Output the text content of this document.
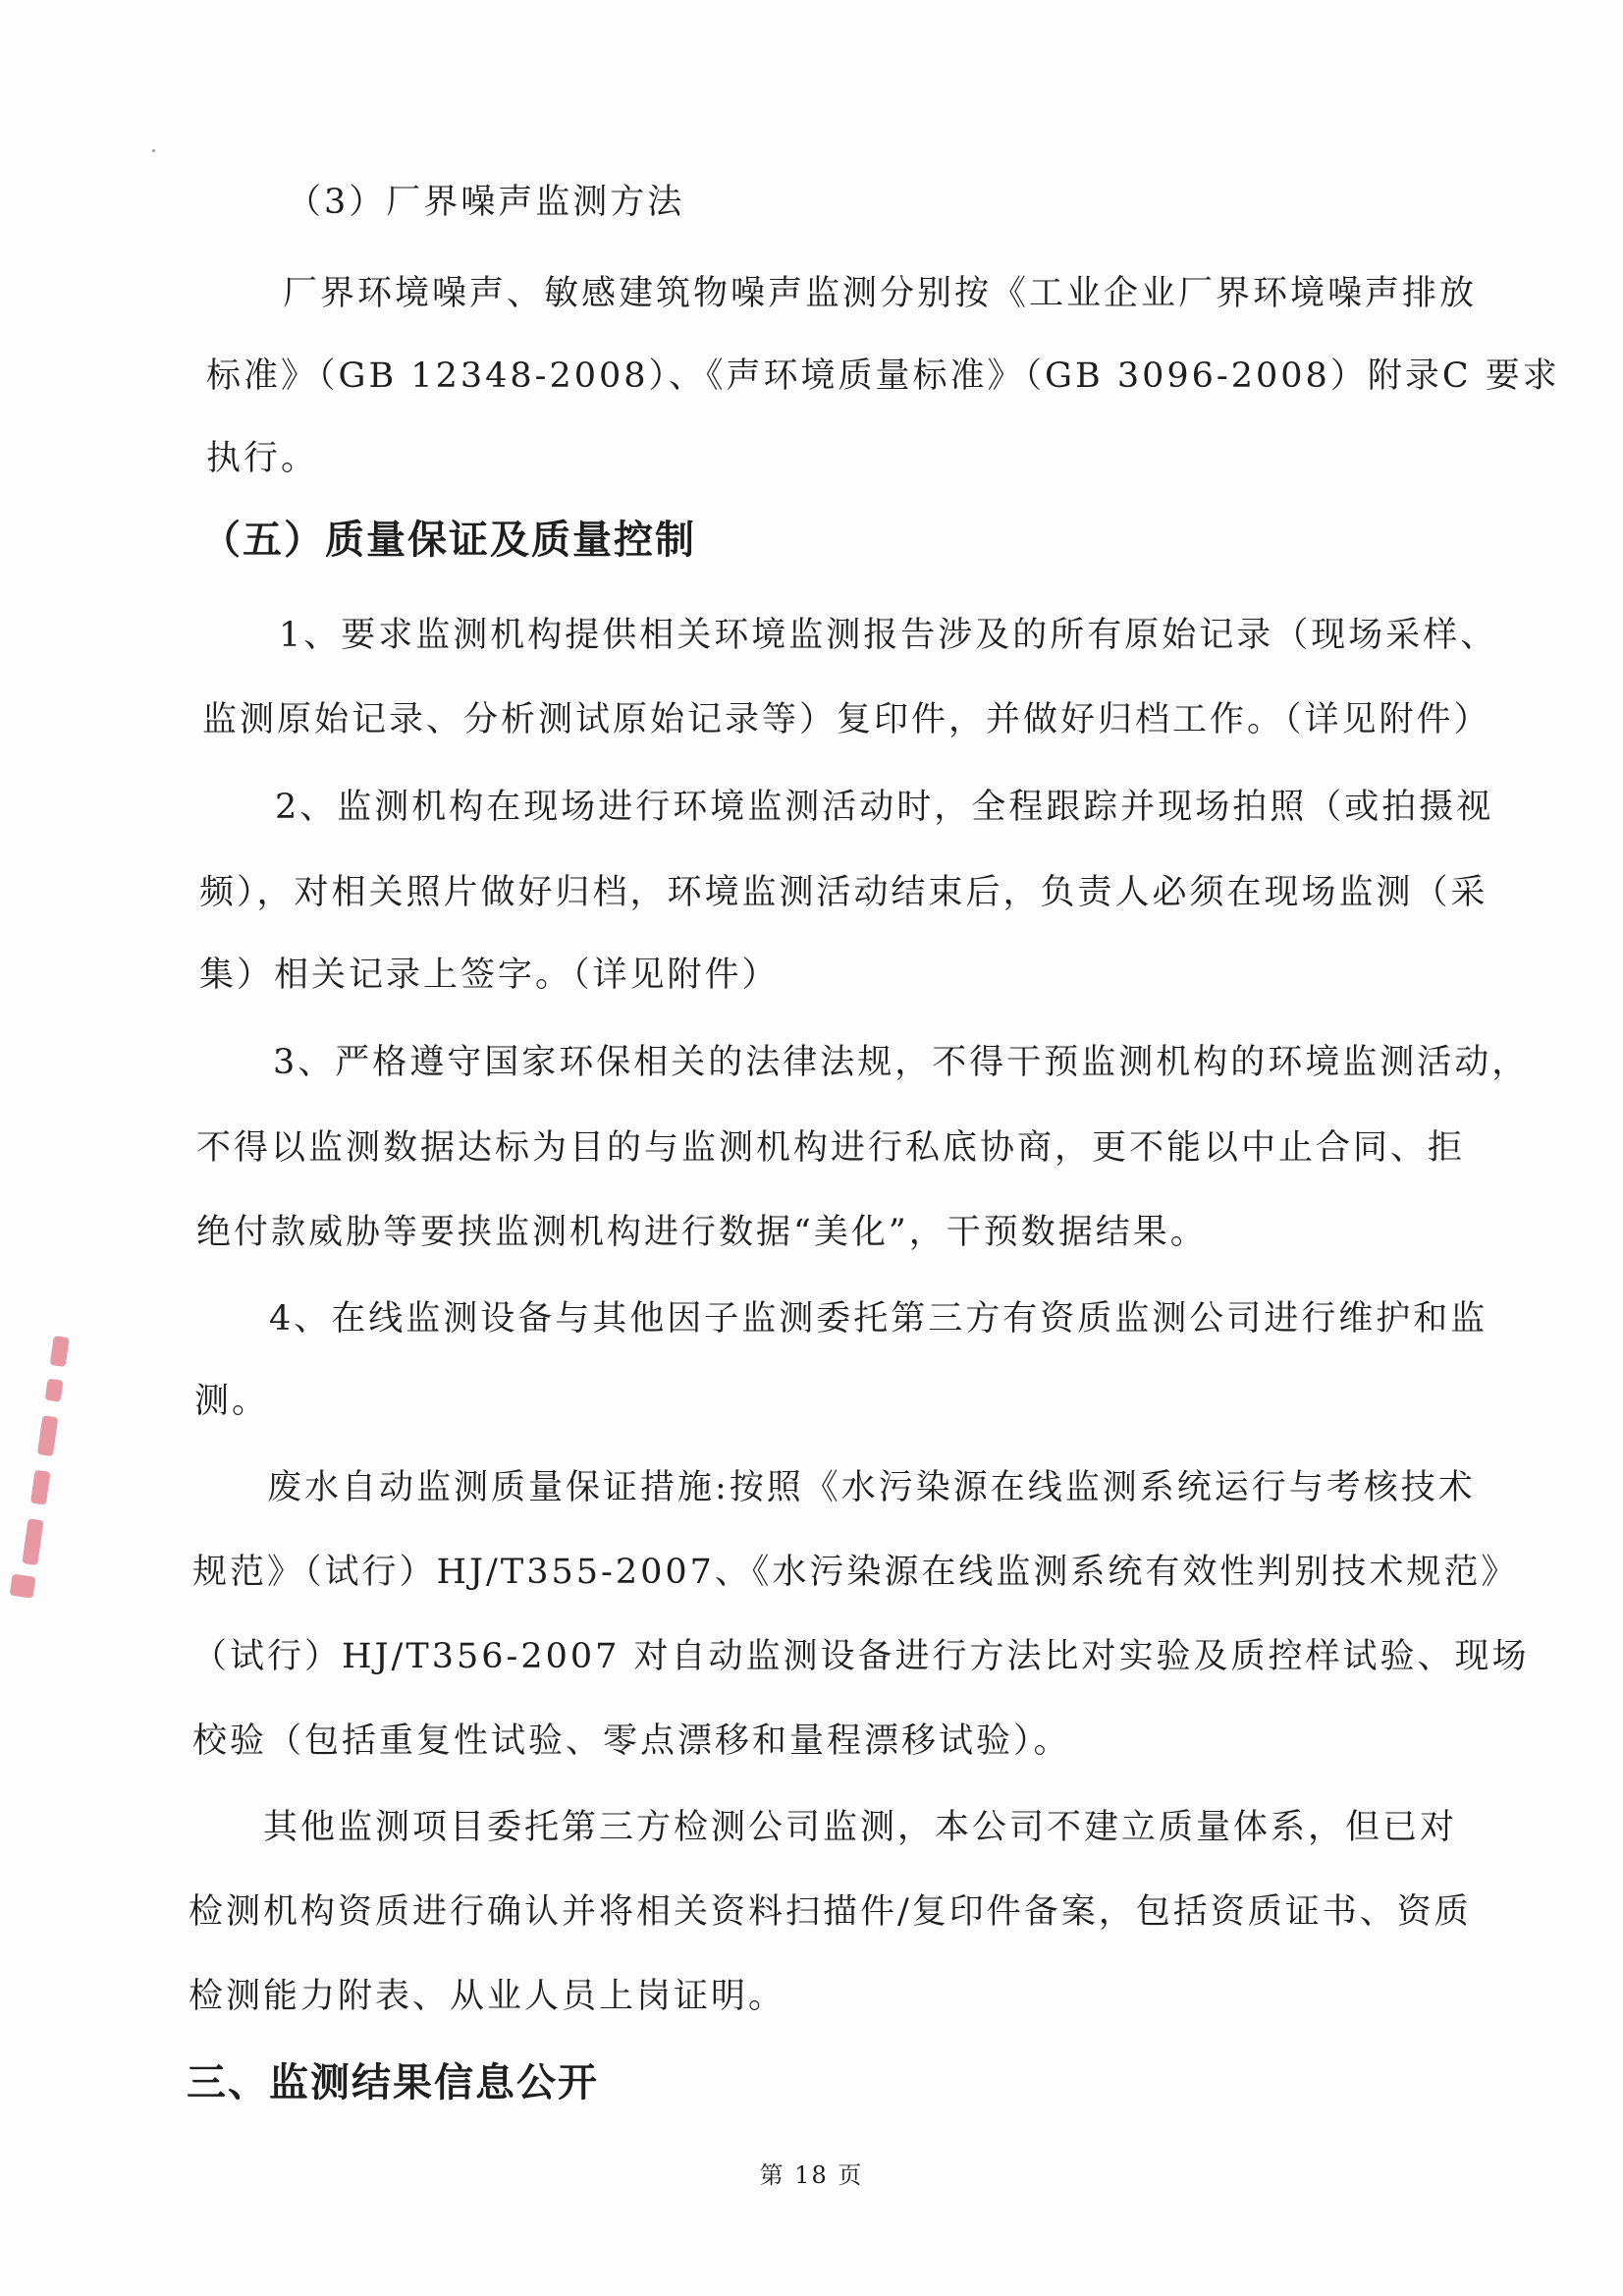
（3）厂界噪声监测方法
厂界环境噪声、敏感建筑物噪声监测分别按《工业企业厂界环境噪声排放
标准》（GB 12348-2008）、《声环境质量标准》（GB 3096-2008）附录C 要求
执行。
（五）质量保证及质量控制
1、要求监测机构提供相关环境监测报告涉及的所有原始记录（现场采样、
监测原始记录、分析测试原始记录等）复印件，并做好归档工作。（详见附件）
2、监测机构在现场进行环境监测活动时，全程跟踪并现场拍照（或拍摄视
频），对相关照片做好归档，环境监测活动结束后，负责人必须在现场监测（采
集）相关记录上签字。（详见附件）
3、严格遵守国家环保相关的法律法规，不得干预监测机构的环境监测活动，
不得以监测数据达标为目的与监测机构进行私底协商，更不能以中止合同、拒
绝付款威胁等要挟监测机构进行数据“美化”，干预数据结果。
4、在线监测设备与其他因子监测委托第三方有资质监测公司进行维护和监
测。
废水自动监测质量保证措施:按照《水污染源在线监测系统运行与考核技术
规范》（试行）HJ/T355-2007、《水污染源在线监测系统有效性判别技术规范》
（试行）HJ/T356-2007 对自动监测设备进行方法比对实验及质控样试验、现场
校验（包括重复性试验、零点漂移和量程漂移试验）。
其他监测项目委托第三方检测公司监测，本公司不建立质量体系，但已对
检测机构资质进行确认并将相关资料扫描件/复印件备案，包括资质证书、资质
检测能力附表、从业人员上岗证明。
三、监测结果信息公开
第 18 页
